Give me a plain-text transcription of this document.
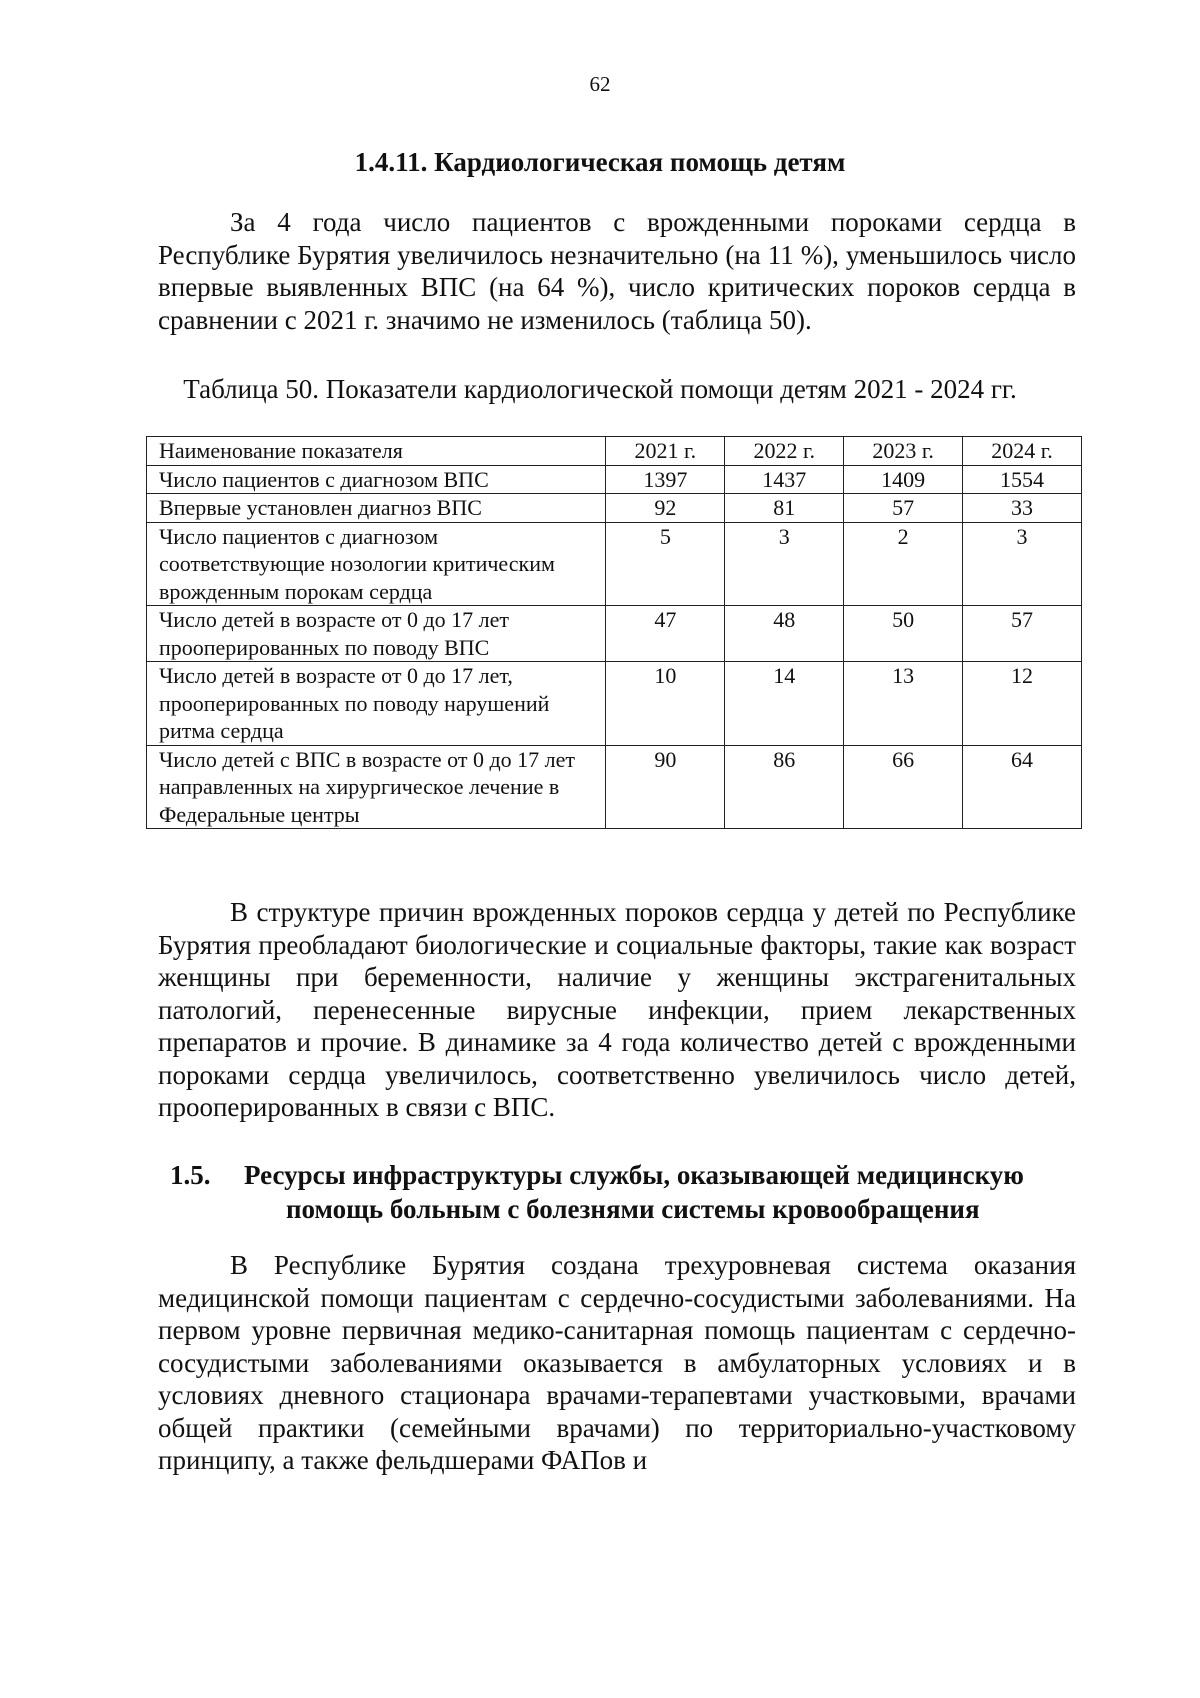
62
1.4.11. Кардиологическая помощь детям

За 4 года число пациентов с врожденными пороками сердца в Республике Бурятия увеличилось незначительно (на 11 %), уменьшилось число впервые выявленных ВПС (на 64 %), число критических пороков сердца в сравнении с 2021 г. значимо не изменилось (таблица 50).

Таблица 50. Показатели кардиологической помощи детям 2021 - 2024 гг.
Наименование показателя	2021 г.	2022 г.	2023 г.	2024 г.
Число пациентов с диагнозом ВПС	1397	1437	1409	1554
Впервые установлен диагноз ВПС	92	81	57	33
Число пациентов с диагнозом соответствующие нозологии критическим врожденным порокам сердца	5	3	2	3
Число детей в возрасте от 0 до 17 лет прооперированных по поводу ВПС	47	48	50	57
Число детей в возрасте от 0 до 17 лет, прооперированных по поводу нарушений ритма сердца	10	14	13	12
Число детей с ВПС в возрасте от 0 до 17 лет направленных на хирургическое лечение в Федеральные центры	90	86	66	64

В структуре причин врожденных пороков сердца у детей по Республике Бурятия преобладают биологические и социальные факторы, такие как возраст женщины при беременности, наличие у женщины экстрагенитальных патологий, перенесенные вирусные инфекции, прием лекарственных препаратов и прочие. В динамике за 4 года количество детей с врожденными пороками сердца увеличилось, соответственно увеличилось число детей, прооперированных в связи с ВПС.

1.5. Ресурсы инфраструктуры службы, оказывающей медицинскую
помощь больным с болезнями системы кровообращения

В Республике Бурятия создана трехуровневая система оказания медицинской помощи пациентам с сердечно-сосудистыми заболеваниями. На первом уровне первичная медико-санитарная помощь пациентам с сердечно-сосудистыми заболеваниями оказывается в амбулаторных условиях и в условиях дневного стационара врачами-терапевтами участковыми, врачами общей практики (семейными врачами) по территориально-участковому принципу, а также фельдшерами ФАПов и
